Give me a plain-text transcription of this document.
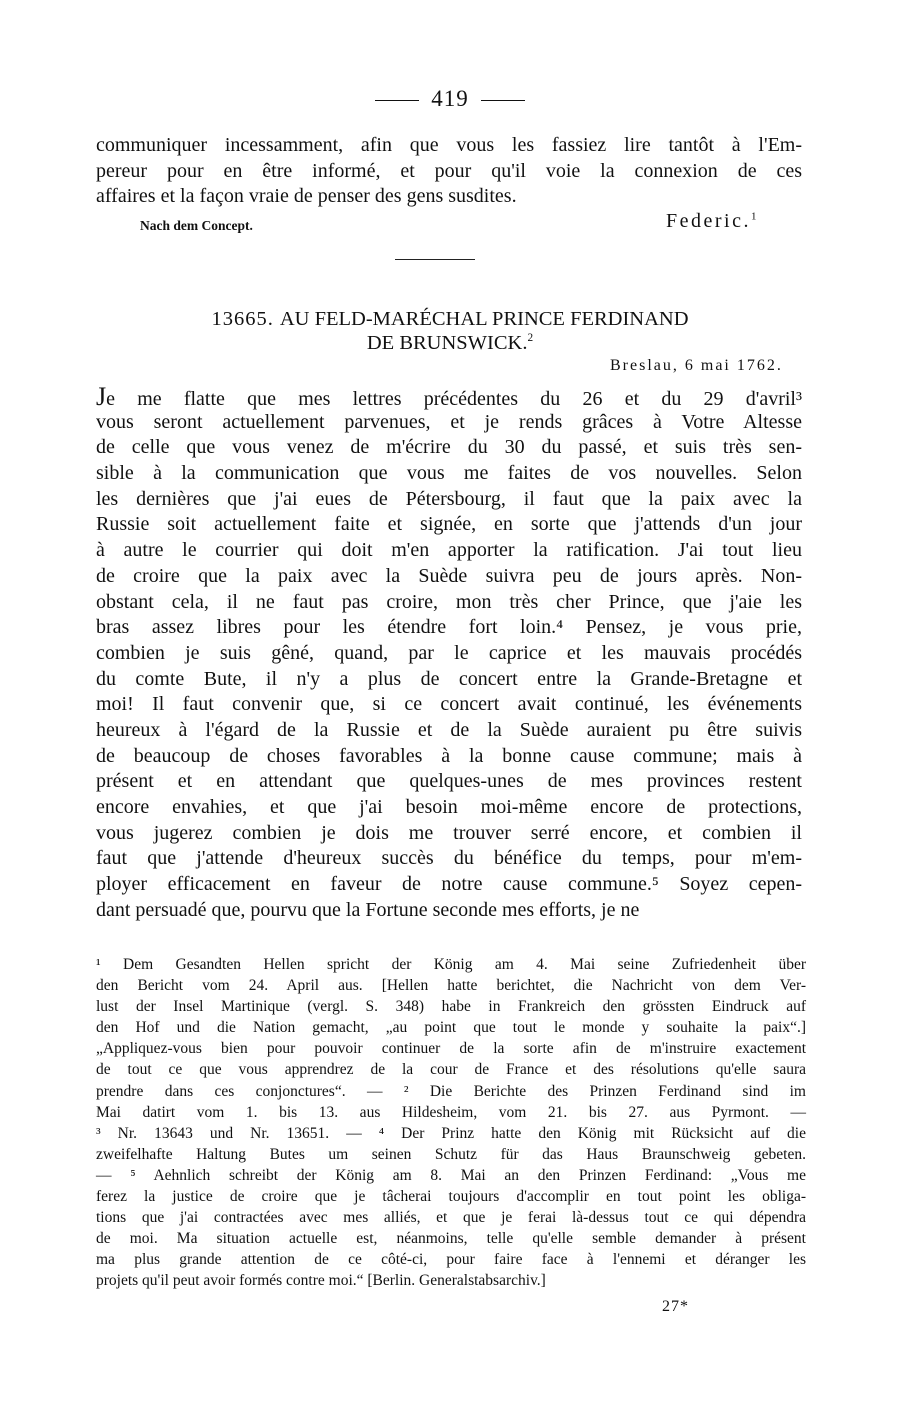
419
communiquer incessamment, afin que vous les fassiez lire tantôt à l'Em-
pereur pour en être informé, et pour qu'il voie la connexion de ces
affaires et la façon vraie de penser des gens susdites.
Nach dem Concept.	Federic.$^1$
13665. AU FELD-MARÉCHAL PRINCE FERDINAND
DE BRUNSWICK.$^2$
Breslau, 6 mai 1762.
Je me flatte que mes lettres précédentes du 26 et du 29 d'avril³
vous seront actuellement parvenues, et je rends grâces à Votre Altesse
de celle que vous venez de m'écrire du 30 du passé, et suis très sen-
sible à la communication que vous me faites de vos nouvelles. Selon
les dernières que j'ai eues de Pétersbourg, il faut que la paix avec la
Russie soit actuellement faite et signée, en sorte que j'attends d'un jour
à autre le courrier qui doit m'en apporter la ratification. J'ai tout lieu
de croire que la paix avec la Suède suivra peu de jours après. Non-
obstant cela, il ne faut pas croire, mon très cher Prince, que j'aie les
bras assez libres pour les étendre fort loin.⁴ Pensez, je vous prie,
combien je suis gêné, quand, par le caprice et les mauvais procédés
du comte Bute, il n'y a plus de concert entre la Grande-Bretagne et
moi! Il faut convenir que, si ce concert avait continué, les événements
heureux à l'égard de la Russie et de la Suède auraient pu être suivis
de beaucoup de choses favorables à la bonne cause commune; mais à
présent et en attendant que quelques-unes de mes provinces restent
encore envahies, et que j'ai besoin moi-même encore de protections,
vous jugerez combien je dois me trouver serré encore, et combien il
faut que j'attende d'heureux succès du bénéfice du temps, pour m'em-
ployer efficacement en faveur de notre cause commune.⁵ Soyez cepen-
dant persuadé que, pourvu que la Fortune seconde mes efforts, je ne
¹ Dem Gesandten Hellen spricht der König am 4. Mai seine Zufriedenheit über
den Bericht vom 24. April aus. [Hellen hatte berichtet, die Nachricht von dem Ver-
lust der Insel Martinique (vergl. S. 348) habe in Frankreich den grössten Eindruck auf
den Hof und die Nation gemacht, „au point que tout le monde y souhaite la paix“.]
„Appliquez-vous bien pour pouvoir continuer de la sorte afin de m'instruire exactement
de tout ce que vous apprendrez de la cour de France et des résolutions qu'elle saura
prendre dans ces conjonctures“. — ² Die Berichte des Prinzen Ferdinand sind im
Mai datirt vom 1. bis 13. aus Hildesheim, vom 21. bis 27. aus Pyrmont. —
³ Nr. 13643 und Nr. 13651. — ⁴ Der Prinz hatte den König mit Rücksicht auf die
zweifelhafte Haltung Butes um seinen Schutz für das Haus Braunschweig gebeten.
— ⁵ Aehnlich schreibt der König am 8. Mai an den Prinzen Ferdinand: „Vous me
ferez la justice de croire que je tâcherai toujours d'accomplir en tout point les obliga-
tions que j'ai contractées avec mes alliés, et que je ferai là-dessus tout ce qui dépendra
de moi. Ma situation actuelle est, néanmoins, telle qu'elle semble demander à présent
ma plus grande attention de ce côté-ci, pour faire face à l'ennemi et déranger les
projets qu'il peut avoir formés contre moi.“ [Berlin. Generalstabsarchiv.]
27*
